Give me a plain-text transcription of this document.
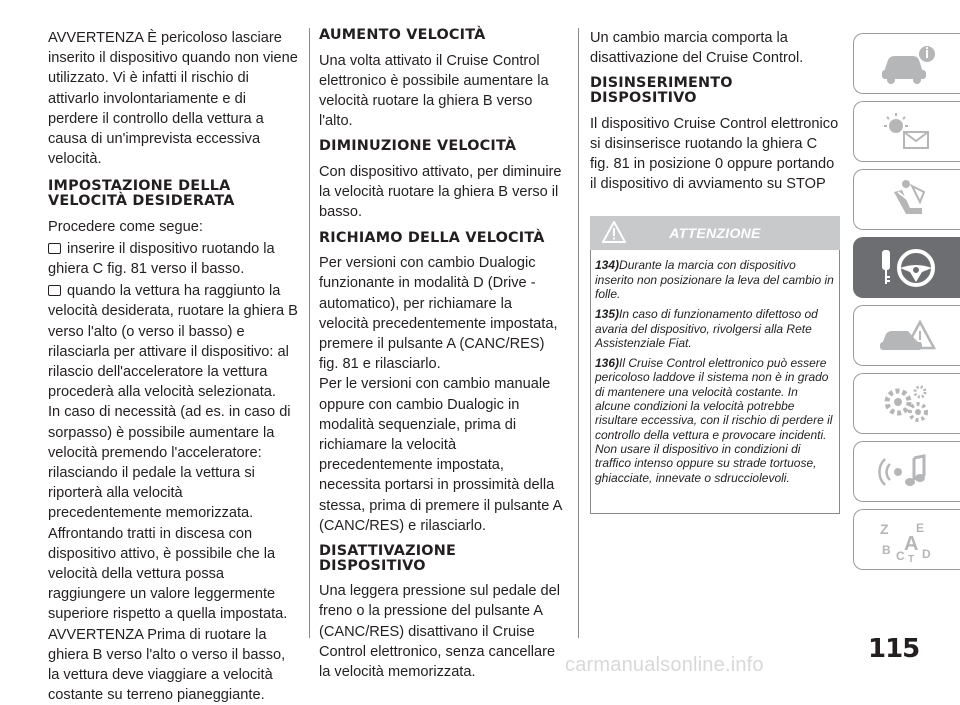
AVVERTENZA È pericoloso lasciare inserito il dispositivo quando non viene utilizzato. Vi è infatti il rischio di attivarlo involontariamente e di perdere il controllo della vettura a causa di un'imprevista eccessiva velocità.

IMPOSTAZIONE DELLA VELOCITÀ DESIDERATA

Procedere come segue:

inserire il dispositivo ruotando la ghiera C fig. 81 verso il basso.

quando la vettura ha raggiunto la velocità desiderata, ruotare la ghiera B verso l'alto (o verso il basso) e rilasciarla per attivare il dispositivo: al rilascio dell'acceleratore la vettura procederà alla velocità selezionata.

In caso di necessità (ad es. in caso di sorpasso) è possibile aumentare la velocità premendo l'acceleratore: rilasciando il pedale la vettura si riporterà alla velocità precedentemente memorizzata.

Affrontando tratti in discesa con dispositivo attivo, è possibile che la velocità della vettura possa raggiungere un valore leggermente superiore rispetto a quella impostata.

AVVERTENZA Prima di ruotare la ghiera B verso l'alto o verso il basso, la vettura deve viaggiare a velocità costante su terreno pianeggiante.

AUMENTO VELOCITÀ

Una volta attivato il Cruise Control elettronico è possibile aumentare la velocità ruotare la ghiera B verso l'alto.

DIMINUZIONE VELOCITÀ

Con dispositivo attivato, per diminuire la velocità ruotare la ghiera B verso il basso.

RICHIAMO DELLA VELOCITÀ

Per versioni con cambio Dualogic funzionante in modalità D (Drive - automatico), per richiamare la velocità precedentemente impostata, premere il pulsante A (CANC/RES) fig. 81 e rilasciarlo.

Per le versioni con cambio manuale oppure con cambio Dualogic in modalità sequenziale, prima di richiamare la velocità precedentemente impostata, necessita portarsi in prossimità della stessa, prima di premere il pulsante A (CANC/RES) e rilasciarlo.

DISATTIVAZIONE DISPOSITIVO

Una leggera pressione sul pedale del freno o la pressione del pulsante A (CANC/RES) disattivano il Cruise Control elettronico, senza cancellare la velocità memorizzata.

Un cambio marcia comporta la disattivazione del Cruise Control.

DISINSERIMENTO DISPOSITIVO

Il dispositivo Cruise Control elettronico si disinserisce ruotando la ghiera C fig. 81 in posizione 0 oppure portando il dispositivo di avviamento su STOP

ATTENZIONE
134)Durante la marcia con dispositivo inserito non posizionare la leva del cambio in folle.
135)In caso di funzionamento difettoso od avaria del dispositivo, rivolgersi alla Rete Assistenziale Fiat.
136)Il Cruise Control elettronico può essere pericoloso laddove il sistema non è in grado di mantenere una velocità costante. In alcune condizioni la velocità potrebbe risultare eccessiva, con il rischio di perdere il controllo della vettura e provocare incidenti. Non usare il dispositivo in condizioni di traffico intenso oppure su strade tortuose, ghiacciate, innevate o sdrucciolevoli.
Z E
B A
C T D
115
carmanualsonline.info
